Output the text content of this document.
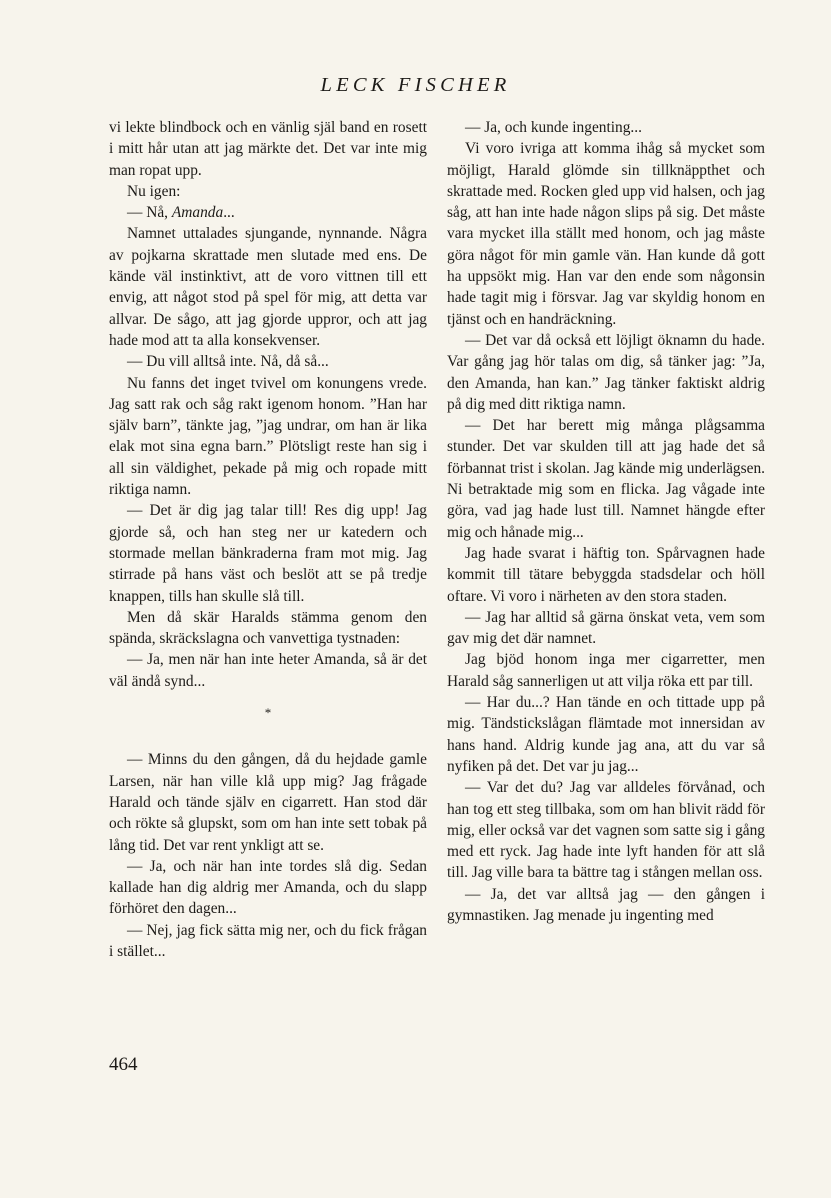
LECK FISCHER

vi lekte blindbock och en vänlig själ band en rosett i mitt hår utan att jag märkte det. Det var inte mig man ropat upp.

Nu igen:

— Nå, Amanda...

Namnet uttalades sjungande, nynnande. Några av pojkarna skrattade men slutade med ens. De kände väl instinktivt, att de voro vittnen till ett envig, att något stod på spel för mig, att detta var allvar. De sågo, att jag gjorde uppror, och att jag hade mod att ta alla konsekvenser.

— Du vill alltså inte. Nå, då så...

Nu fanns det inget tvivel om konungens vrede. Jag satt rak och såg rakt igenom honom. ”Han har själv barn”, tänkte jag, ”jag undrar, om han är lika elak mot sina egna barn.” Plötsligt reste han sig i all sin väldighet, pekade på mig och ropade mitt riktiga namn.

— Det är dig jag talar till! Res dig upp! Jag gjorde så, och han steg ner ur katedern och stormade mellan bänkraderna fram mot mig. Jag stirrade på hans väst och beslöt att se på tredje knappen, tills han skulle slå till.

Men då skär Haralds stämma genom den spända, skräckslagna och vanvettiga tystnaden:

— Ja, men när han inte heter Amanda, så är det väl ändå synd...

*

— Minns du den gången, då du hejdade gamle Larsen, när han ville klå upp mig? Jag frågade Harald och tände själv en cigarrett. Han stod där och rökte så glupskt, som om han inte sett tobak på lång tid. Det var rent ynkligt att se.

— Ja, och när han inte tordes slå dig. Sedan kallade han dig aldrig mer Amanda, och du slapp förhöret den dagen...

— Nej, jag fick sätta mig ner, och du fick frågan i stället...

— Ja, och kunde ingenting...

Vi voro ivriga att komma ihåg så mycket som möjligt, Harald glömde sin tillknäppthet och skrattade med. Rocken gled upp vid halsen, och jag såg, att han inte hade någon slips på sig. Det måste vara mycket illa ställt med honom, och jag måste göra något för min gamle vän. Han kunde då gott ha uppsökt mig. Han var den ende som någonsin hade tagit mig i försvar. Jag var skyldig honom en tjänst och en handräckning.

— Det var då också ett löjligt öknamn du hade. Var gång jag hör talas om dig, så tänker jag: ”Ja, den Amanda, han kan.” Jag tänker faktiskt aldrig på dig med ditt riktiga namn.

— Det har berett mig många plågsamma stunder. Det var skulden till att jag hade det så förbannat trist i skolan. Jag kände mig underlägsen. Ni betraktade mig som en flicka. Jag vågade inte göra, vad jag hade lust till. Namnet hängde efter mig och hånade mig...

Jag hade svarat i häftig ton. Spårvagnen hade kommit till tätare bebyggda stadsdelar och höll oftare. Vi voro i närheten av den stora staden.

— Jag har alltid så gärna önskat veta, vem som gav mig det där namnet.

Jag bjöd honom inga mer cigarretter, men Harald såg sannerligen ut att vilja röka ett par till.

— Har du...? Han tände en och tittade upp på mig. Tändstickslågan flämtade mot innersidan av hans hand. Aldrig kunde jag ana, att du var så nyfiken på det. Det var ju jag...

— Var det du? Jag var alldeles förvånad, och han tog ett steg tillbaka, som om han blivit rädd för mig, eller också var det vagnen som satte sig i gång med ett ryck. Jag hade inte lyft handen för att slå till. Jag ville bara ta bättre tag i stången mellan oss.

— Ja, det var alltså jag — den gången i gymnastiken. Jag menade ju ingenting med

464
